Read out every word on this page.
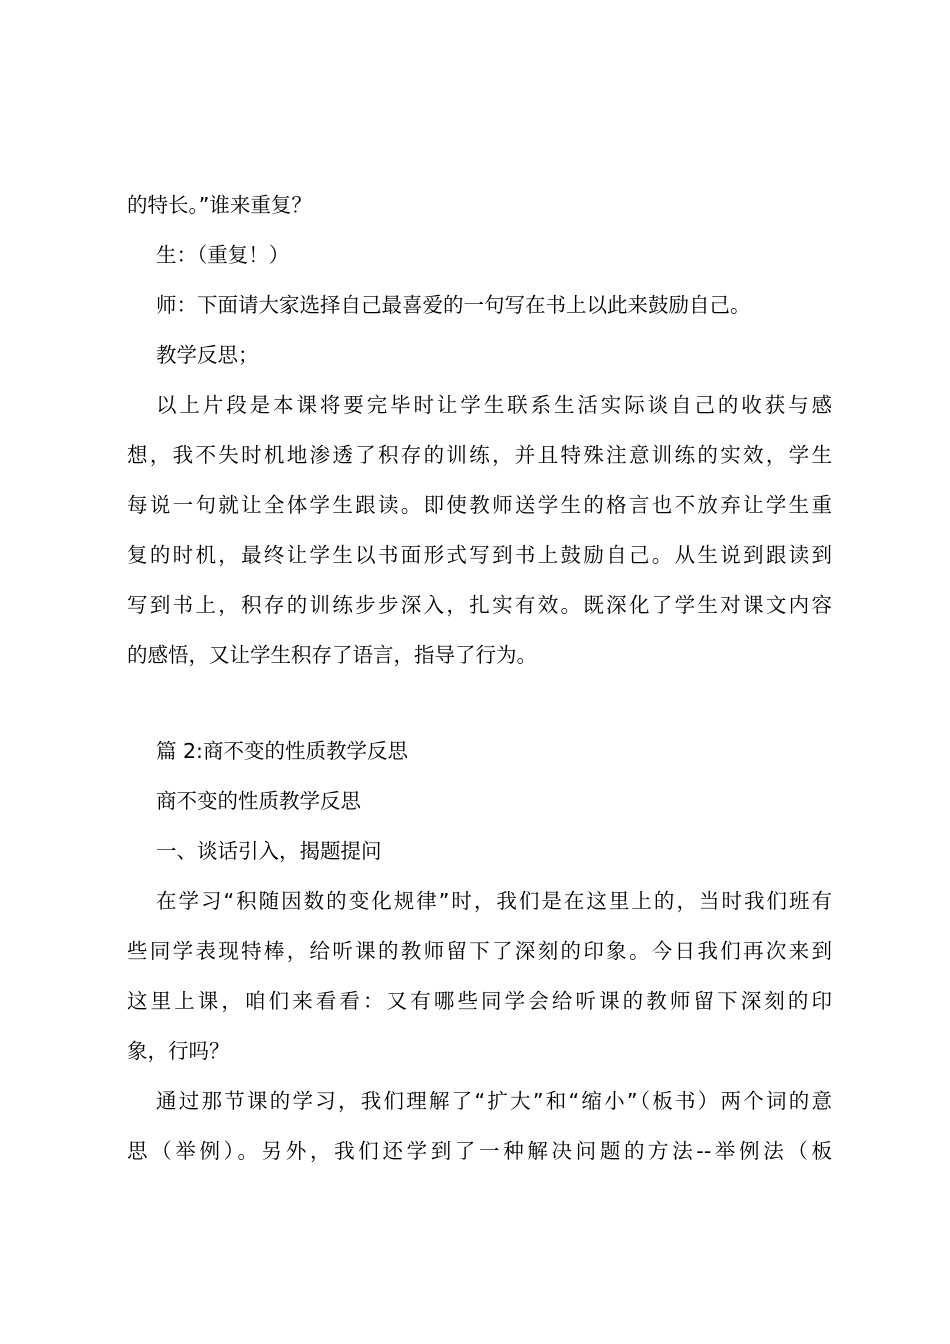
的特长。”谁来重复？
生：（重复！）
师：下面请大家选择自己最喜爱的一句写在书上以此来鼓励自己。
教学反思；
以上片段是本课将要完毕时让学生联系生活实际谈自己的收获与感
想，我不失时机地渗透了积存的训练，并且特殊注意训练的实效，学生
每说一句就让全体学生跟读。即使教师送学生的格言也不放弃让学生重
复的时机，最终让学生以书面形式写到书上鼓励自己。从生说到跟读到
写到书上，积存的训练步步深入，扎实有效。既深化了学生对课文内容
的感悟，又让学生积存了语言，指导了行为。
篇 2:商不变的性质教学反思
商不变的性质教学反思
一、谈话引入，揭题提问
在学习“积随因数的变化规律”时，我们是在这里上的，当时我们班有
些同学表现特棒，给听课的教师留下了深刻的印象。今日我们再次来到
这里上课，咱们来看看：又有哪些同学会给听课的教师留下深刻的印
象，行吗？
通过那节课的学习，我们理解了“扩大”和“缩小”（板书）两个词的意
思（举例）。另外，我们还学到了一种解决问题的方法--举例法（板
